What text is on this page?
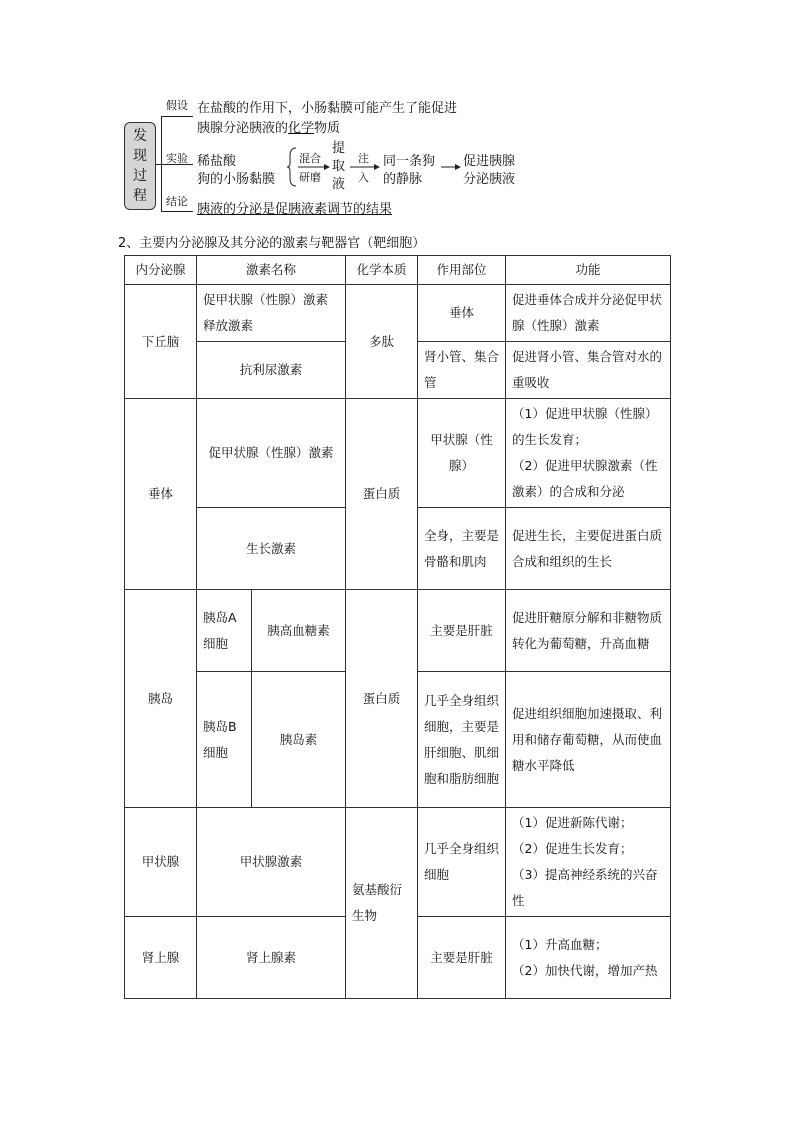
发
现
过
程
假设 在盐酸的作用下，小肠黏膜可能产生了能促进
胰腺分泌胰液的化学物质
实验 稀盐酸
狗的小肠黏膜
混合
研磨
提
取
液
注
入
同一条狗
的静脉
促进胰腺
分泌胰液
结论
胰液的分泌是促胰液素调节的结果
2、主要内分泌腺及其分泌的激素与靶器官（靶细胞）
内分泌腺	激素名称		化学本质	作用部位	功能
下丘脑	促甲状腺（性腺）激素释放激素		多肽	垂体	促进垂体合成并分泌促甲状腺（性腺）激素
	抗利尿激素			肾小管、集合管	促进肾小管、集合管对水的重吸收
垂体	促甲状腺（性腺）激素		蛋白质	甲状腺（性腺）	（1）促进甲状腺（性腺）的生长发育；
（2）促进甲状腺激素（性激素）的合成和分泌

	生长激素			全身，主要是骨骼和肌肉	促进生长，主要促进蛋白质合成和组织的生长
胰岛	胰岛A细胞	胰高血糖素	蛋白质	主要是肝脏	促进肝糖原分解和非糖物质转化为葡萄糖，升高血糖
	胰岛B细胞	胰岛素		几乎全身组织细胞，主要是肝细胞、肌细胞和脂肪细胞	促进组织细胞加速摄取、利用和储存葡萄糖，从而使血糖水平降低
甲状腺	甲状腺激素		氨基酸衍生物	几乎全身组织细胞	（1）促进新陈代谢；
（2）促进生长发育；
（3）提高神经系统的兴奋性

肾上腺	肾上腺素			主要是肝脏	（1）升高血糖；
（2）加快代谢，增加产热
